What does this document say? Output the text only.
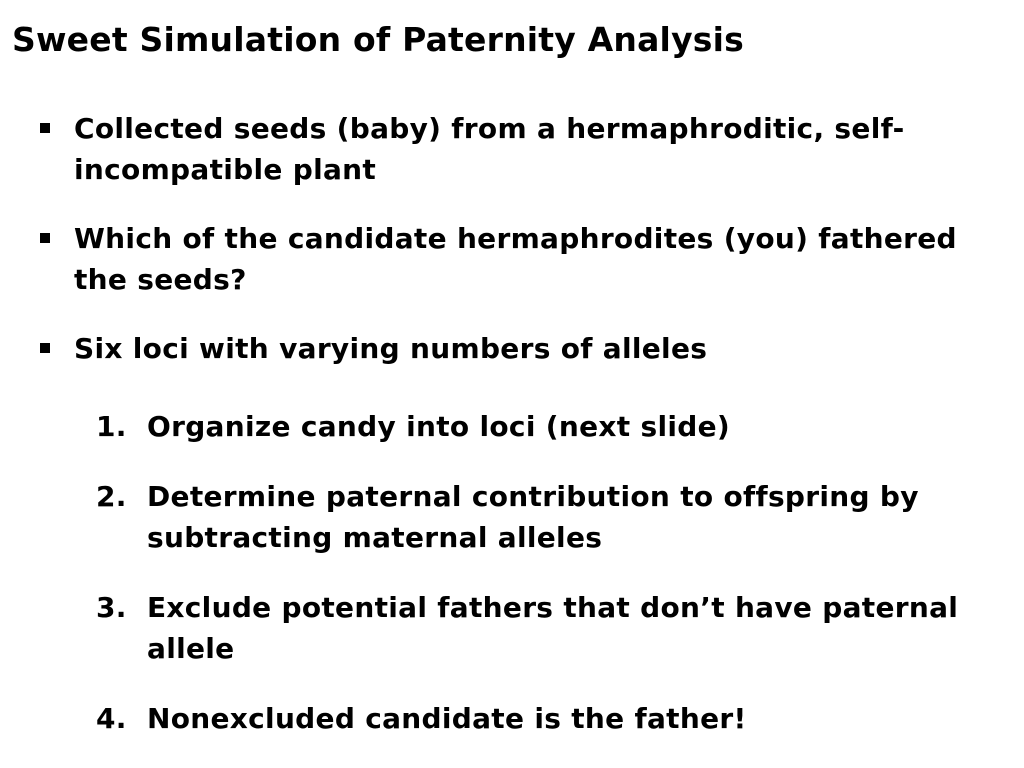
Sweet Simulation of Paternity Analysis
Collected seeds (baby) from a hermaphroditic, self-incompatible plant
Which of the candidate hermaphrodites (you) fathered the seeds?
Six loci with varying numbers of alleles
1. Organize candy into loci (next slide)
2. Determine paternal contribution to offspring by subtracting maternal alleles
3. Exclude potential fathers that don’t have paternal allele
4. Nonexcluded candidate is the father!
